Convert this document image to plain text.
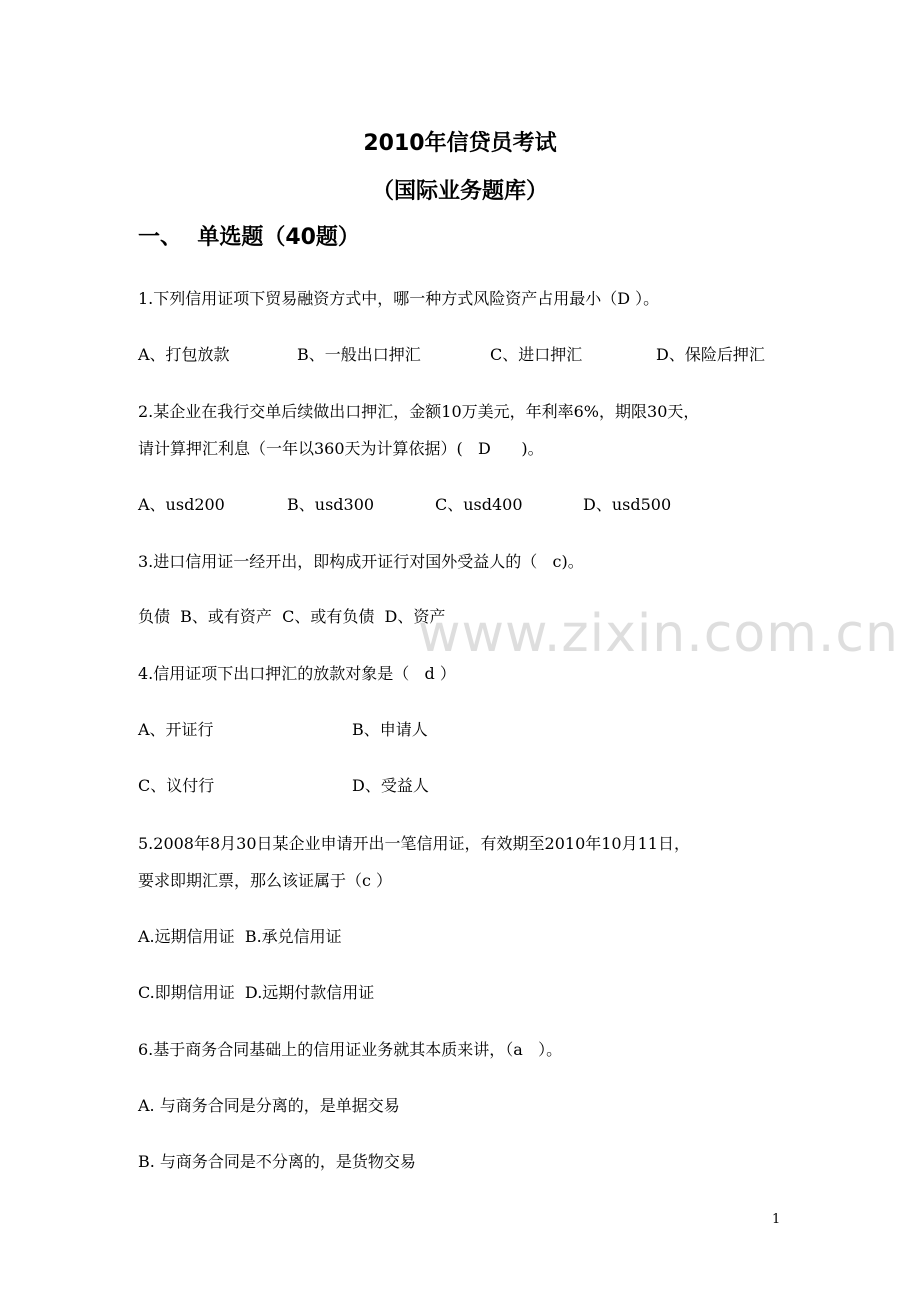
2010年信贷员考试
（国际业务题库）
一、  单选题（40题）

1.下列信用证项下贸易融资方式中，哪一种方式风险资产占用最小（D ）。

A、打包放款	B、一般出口押汇	C、进口押汇	D、保险后押汇

2.某企业在我行交单后续做出口押汇，金额10万美元，年利率6%，期限30天，

请计算押汇利息（一年以360天为计算依据）(   D      )。

A、usd200	B、usd300	C、usd400	D、usd500

3.进口信用证一经开出，即构成开证行对国外受益人的（   c)。

负债  B、或有资产  C、或有负债  D、资产

4.信用证项下出口押汇的放款对象是（   d ）

A、开证行	B、申请人

C、议付行	D、受益人

5.2008年8月30日某企业申请开出一笔信用证，有效期至2010年10月11日，

要求即期汇票，那么该证属于（c ）

A.远期信用证  B.承兑信用证

C.即期信用证  D.远期付款信用证

6.基于商务合同基础上的信用证业务就其本质来讲，（a   ）。

A. 与商务合同是分离的，是单据交易

B. 与商务合同是不分离的，是货物交易

www.zixin.com.cn

1
